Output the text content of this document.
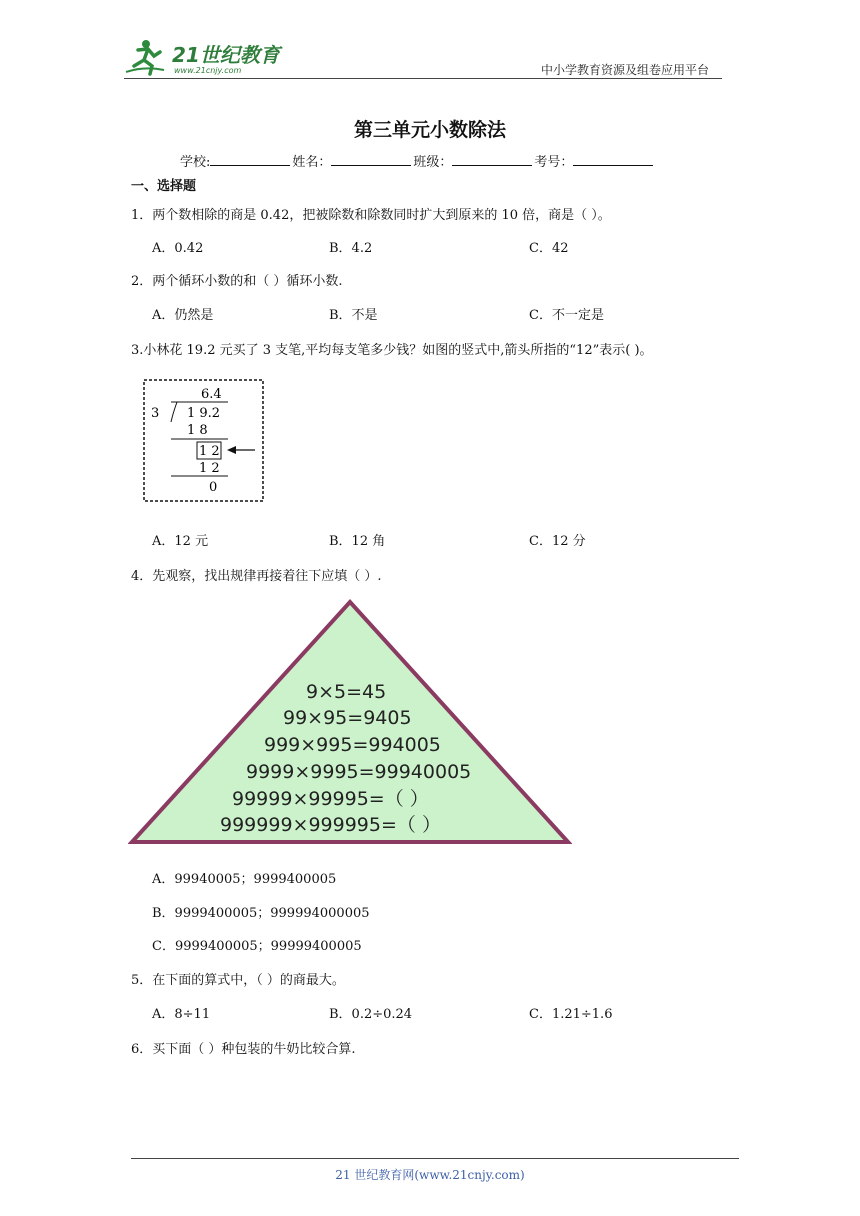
21世纪教育
www.21cnjy.com	中小学教育资源及组卷应用平台
第三单元小数除法
学校:	姓名：	班级：	考号：
一、选择题
1．两个数相除的商是 0.42，把被除数和除数同时扩大到原来的 10 倍，商是（ ）。
A．0.42	B．4.2	C．42
2．两个循环小数的和（ ）循环小数.
A．仍然是	B．不是	C．不一定是
3.小林花 19.2 元买了 3 支笔,平均每支笔多少钱？如图的竖式中,箭头所指的“12”表示( )。
6.4
3 1 9.2
1 8
1 2
1 2
0
A．12 元	B．12 角	C．12 分
4．先观察，找出规律再接着往下应填（ ）.
9×5=45
99×95=9405
999×995=994005
9999×9995=99940005
99999×99995=（ ）
999999×999995=（ ）
A．99940005；9999400005
B．9999400005；999994000005
C．9999400005；99999400005
5．在下面的算式中，（ ）的商最大。
A．8÷11	B．0.2÷0.24	C．1.21÷1.6
6．买下面（ ）种包装的牛奶比较合算.
21 世纪教育网(www.21cnjy.com)
